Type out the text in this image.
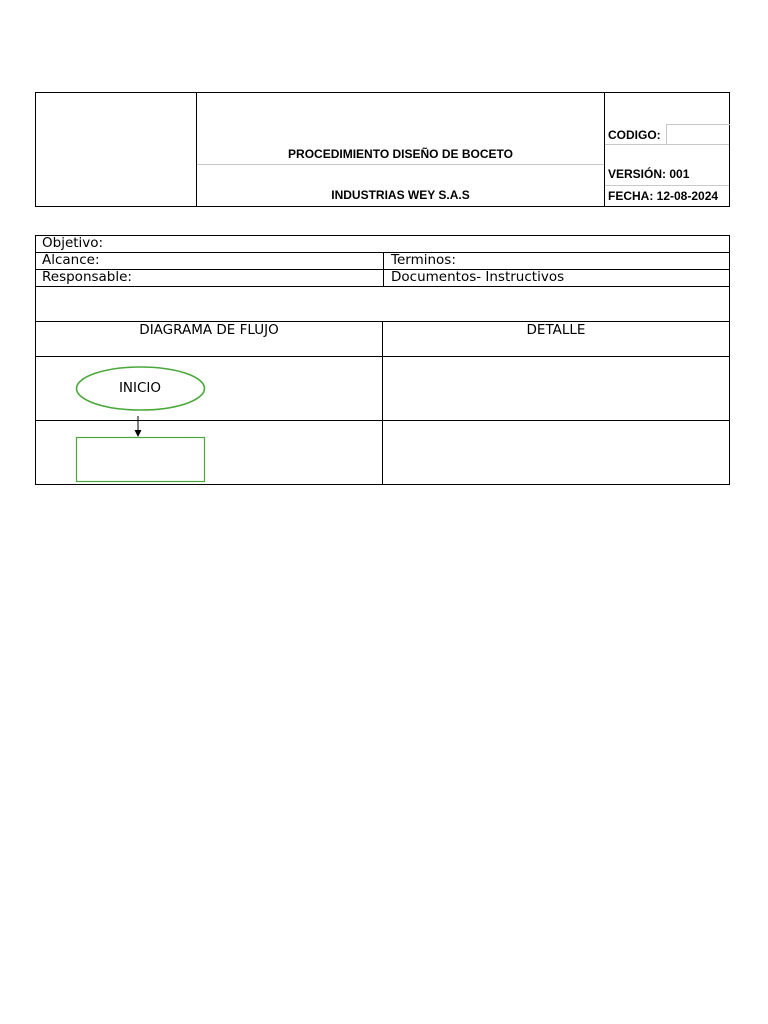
PROCEDIMIENTO DISEÑO DE BOCETO
INDUSTRIAS WEY S.A.S
CODIGO:
VERSIÓN: 001
FECHA: 12-08-2024
Objetivo:
Alcance:	Terminos:
Responsable:	Documentos- Instructivos
DIAGRAMA DE FLUJO	DETALLE
INICIO
